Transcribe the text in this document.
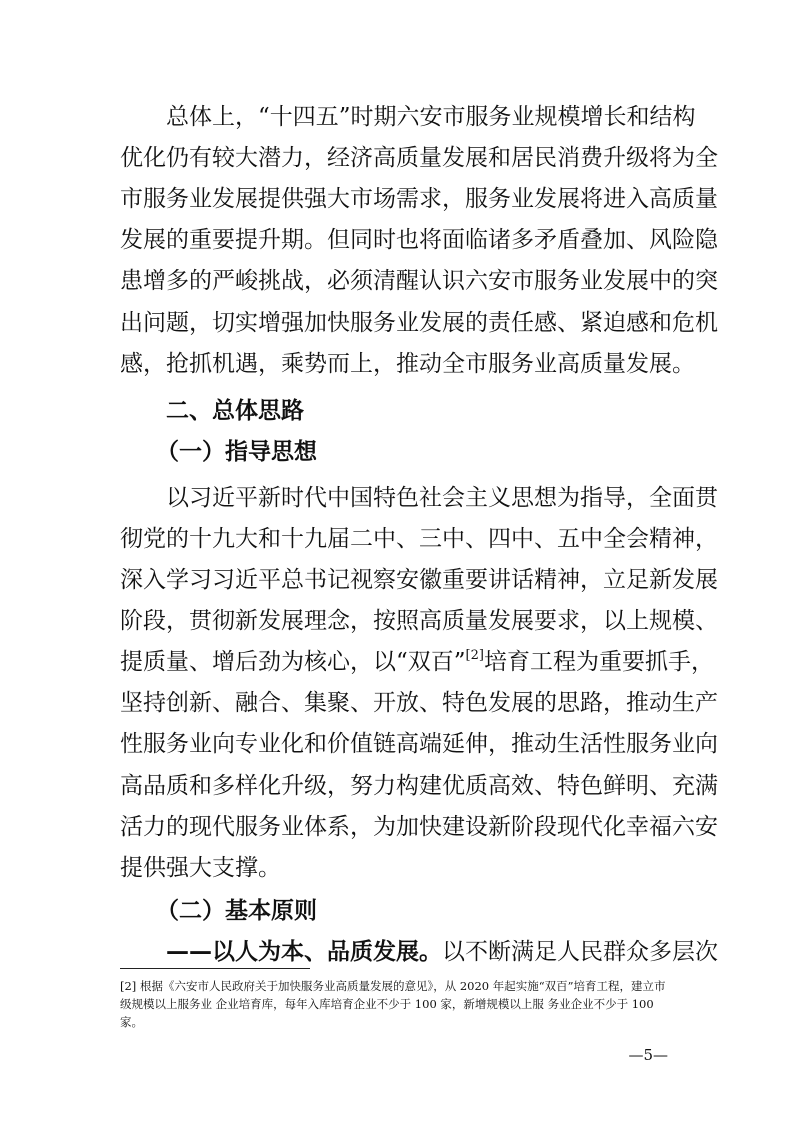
总体上，“十四五”时期六安市服务业规模增长和结构
优化仍有较大潜力，经济高质量发展和居民消费升级将为全
市服务业发展提供强大市场需求，服务业发展将进入高质量
发展的重要提升期。但同时也将面临诸多矛盾叠加、风险隐
患增多的严峻挑战，必须清醒认识六安市服务业发展中的突
出问题，切实增强加快服务业发展的责任感、紧迫感和危机
感，抢抓机遇，乘势而上，推动全市服务业高质量发展。
二、总体思路
（一）指导思想
以习近平新时代中国特色社会主义思想为指导，全面贯
彻党的十九大和十九届二中、三中、四中、五中全会精神，
深入学习习近平总书记视察安徽重要讲话精神，立足新发展
阶段，贯彻新发展理念，按照高质量发展要求，以上规模、
提质量、增后劲为核心，以“双百”[2]培育工程为重要抓手，
坚持创新、融合、集聚、开放、特色发展的思路，推动生产
性服务业向专业化和价值链高端延伸，推动生活性服务业向
高品质和多样化升级，努力构建优质高效、特色鲜明、充满
活力的现代服务业体系，为加快建设新阶段现代化幸福六安
提供强大支撑。
（二）基本原则
——以人为本、品质发展。以不断满足人民群众多层次
[2] 根据《六安市人民政府关于加快服务业高质量发展的意见》，从 2020 年起实施“双百”培育工程，建立市
级规模以上服务业 企业培育库，每年入库培育企业不少于 100 家，新增规模以上服 务业企业不少于 100
家。
—5—
